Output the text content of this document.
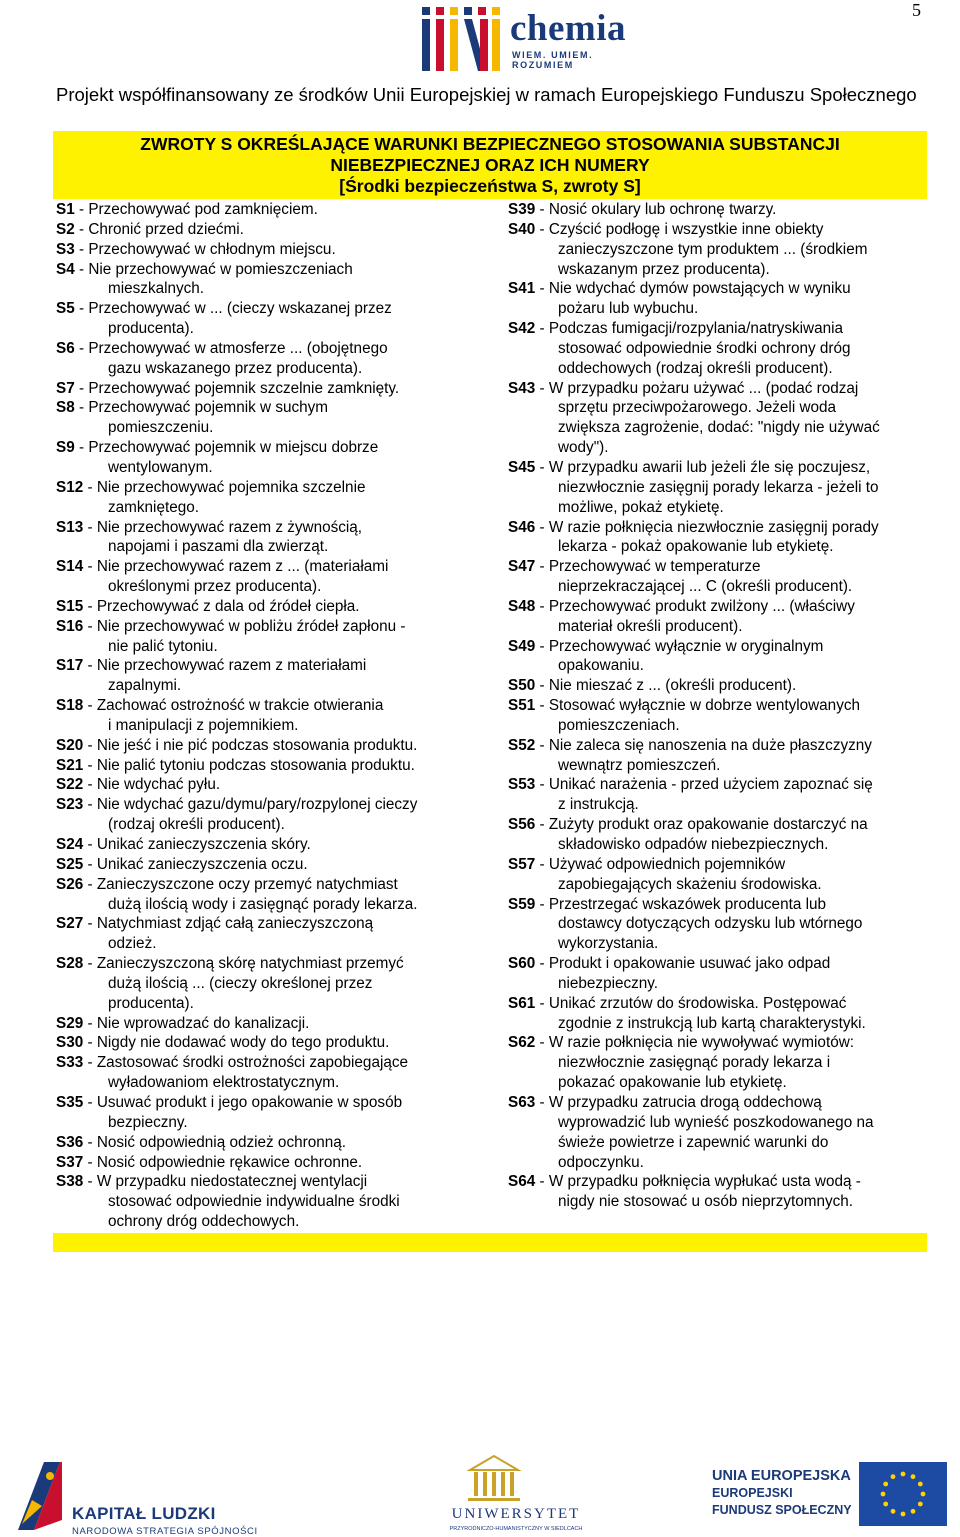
5
chemia
WIEM. UMIEM. ROZUMIEM
Projekt współfinansowany ze środków Unii Europejskiej w ramach Europejskiego Funduszu Społecznego
ZWROTY S OKREŚLAJĄCE WARUNKI BEZPIECZNEGO STOSOWANIA SUBSTANCJI
NIEBEZPIECZNEJ ORAZ ICH NUMERY
[Środki bezpieczeństwa S, zwroty S]
S1 - Przechowywać pod zamknięciem.
S2 - Chronić przed dziećmi.
S3 - Przechowywać w chłodnym miejscu.
S4 - Nie przechowywać w pomieszczeniach
mieszkalnych.
S5 - Przechowywać w ... (cieczy wskazanej przez
producenta).
S6 - Przechowywać w atmosferze ... (obojętnego
gazu wskazanego przez producenta).
S7 - Przechowywać pojemnik szczelnie zamknięty.
S8 - Przechowywać pojemnik w suchym
pomieszczeniu.
S9 - Przechowywać pojemnik w miejscu dobrze
wentylowanym.
S12 - Nie przechowywać pojemnika szczelnie
zamkniętego.
S13 - Nie przechowywać razem z żywnością,
napojami i paszami dla zwierząt.
S14 - Nie przechowywać razem z ... (materiałami
określonymi przez producenta).
S15 - Przechowywać z dala od źródeł ciepła.
S16 - Nie przechowywać w pobliżu źródeł zapłonu -
nie palić tytoniu.
S17 - Nie przechowywać razem z materiałami
zapalnymi.
S18 - Zachować ostrożność w trakcie otwierania
i manipulacji z pojemnikiem.
S20 - Nie jeść i nie pić podczas stosowania produktu.
S21 - Nie palić tytoniu podczas stosowania produktu.
S22 - Nie wdychać pyłu.
S23 - Nie wdychać gazu/dymu/pary/rozpylonej cieczy
(rodzaj określi producent).
S24 - Unikać zanieczyszczenia skóry.
S25 - Unikać zanieczyszczenia oczu.
S26 - Zanieczyszczone oczy przemyć natychmiast
dużą ilością wody i zasięgnąć porady lekarza.
S27 - Natychmiast zdjąć całą zanieczyszczoną
odzież.
S28 - Zanieczyszczoną skórę natychmiast przemyć
dużą ilością ... (cieczy określonej przez
producenta).
S29 - Nie wprowadzać do kanalizacji.
S30 - Nigdy nie dodawać wody do tego produktu.
S33 - Zastosować środki ostrożności zapobiegające
wyładowaniom elektrostatycznym.
S35 - Usuwać produkt i jego opakowanie w sposób
bezpieczny.
S36 - Nosić odpowiednią odzież ochronną.
S37 - Nosić odpowiednie rękawice ochronne.
S38 - W przypadku niedostatecznej wentylacji
stosować odpowiednie indywidualne środki
ochrony dróg oddechowych.
S39 - Nosić okulary lub ochronę twarzy.
S40 - Czyścić podłogę i wszystkie inne obiekty
zanieczyszczone tym produktem ... (środkiem
wskazanym przez producenta).
S41 - Nie wdychać dymów powstających w wyniku
pożaru lub wybuchu.
S42 - Podczas fumigacji/rozpylania/natryskiwania
stosować odpowiednie środki ochrony dróg
oddechowych (rodzaj określi producent).
S43 - W przypadku pożaru używać ... (podać rodzaj
sprzętu przeciwpożarowego. Jeżeli woda
zwiększa zagrożenie, dodać: "nigdy nie używać
wody").
S45 - W przypadku awarii lub jeżeli źle się poczujesz,
niezwłocznie zasięgnij porady lekarza - jeżeli to
możliwe, pokaż etykietę.
S46 - W razie połknięcia niezwłocznie zasięgnij porady
lekarza - pokaż opakowanie lub etykietę.
S47 - Przechowywać w temperaturze
nieprzekraczającej ... C (określi producent).
S48 - Przechowywać produkt zwilżony ... (właściwy
materiał określi producent).
S49 - Przechowywać wyłącznie w oryginalnym
opakowaniu.
S50 - Nie mieszać z ... (określi producent).
S51 - Stosować wyłącznie w dobrze wentylowanych
pomieszczeniach.
S52 - Nie zaleca się nanoszenia na duże płaszczyzny
wewnątrz pomieszczeń.
S53 - Unikać narażenia - przed użyciem zapoznać się
z instrukcją.
S56 - Zużyty produkt oraz opakowanie dostarczyć na
składowisko odpadów niebezpiecznych.
S57 - Używać odpowiednich pojemników
zapobiegających skażeniu środowiska.
S59 - Przestrzegać wskazówek producenta lub
dostawcy dotyczących odzysku lub wtórnego
wykorzystania.
S60 - Produkt i opakowanie usuwać jako odpad
niebezpieczny.
S61 - Unikać zrzutów do środowiska. Postępować
zgodnie z instrukcją lub kartą charakterystyki.
S62 - W razie połknięcia nie wywoływać wymiotów:
niezwłocznie zasięgnąć porady lekarza i
pokazać opakowanie lub etykietę.
S63 - W przypadku zatrucia drogą oddechową
wyprowadzić lub wynieść poszkodowanego na
świeże powietrze i zapewnić warunki do
odpoczynku.
S64 - W przypadku połknięcia wypłukać usta wodą -
nigdy nie stosować u osób nieprzytomnych.
KAPITAŁ LUDZKI
NARODOWA STRATEGIA SPÓJNOŚCI
UNIWERSYTET
PRZYRODNICZO-HUMANISTYCZNY W SIEDLCACH
UNIA EUROPEJSKA
EUROPEJSKI
FUNDUSZ SPOŁECZNY
